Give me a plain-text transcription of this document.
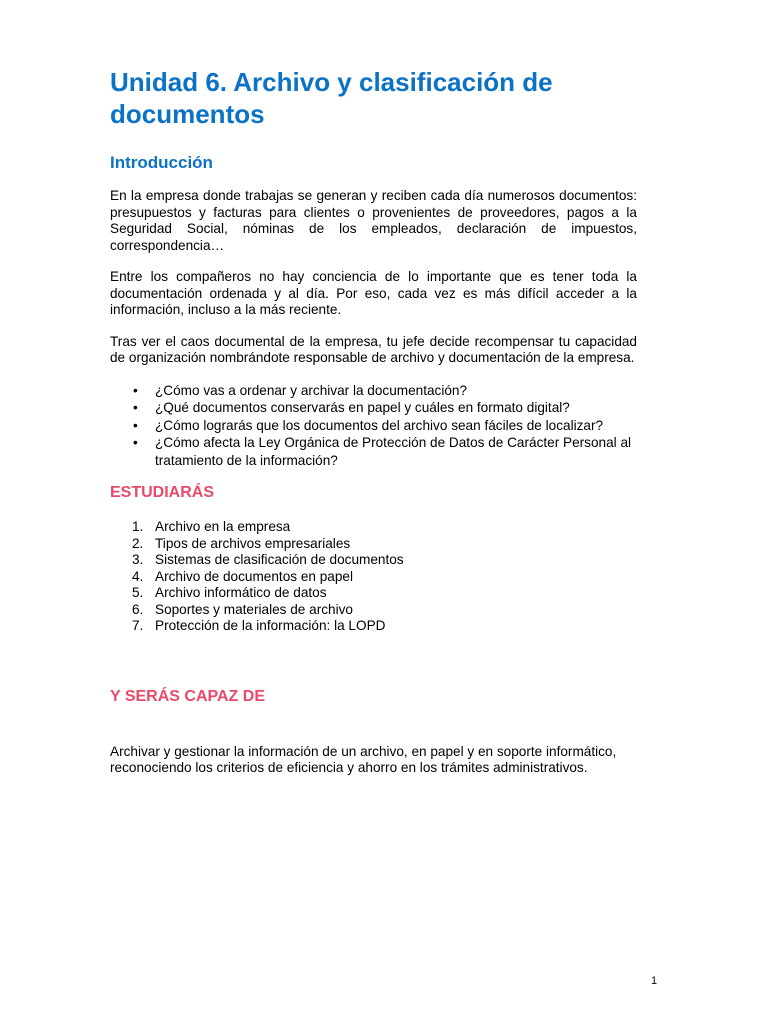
Unidad 6. Archivo y clasificación de documentos
Introducción

En la empresa donde trabajas se generan y reciben cada día numerosos documentos: presupuestos y facturas para clientes o provenientes de proveedores, pagos a la Seguridad Social, nóminas de los empleados, declaración de impuestos, correspondencia…

Entre los compañeros no hay conciencia de lo importante que es tener toda la documentación ordenada y al día. Por eso, cada vez es más difícil acceder a la información, incluso a la más reciente.

Tras ver el caos documental de la empresa, tu jefe decide recompensar tu capacidad de organización nombrándote responsable de archivo y documentación de la empresa.

• ¿Cómo vas a ordenar y archivar la documentación?
• ¿Qué documentos conservarás en papel y cuáles en formato digital?
• ¿Cómo lograrás que los documentos del archivo sean fáciles de localizar?
• ¿Cómo afecta la Ley Orgánica de Protección de Datos de Carácter Personal al tratamiento de la información?
ESTUDIARÁS
1. Archivo en la empresa
2. Tipos de archivos empresariales
3. Sistemas de clasificación de documentos
4. Archivo de documentos en papel
5. Archivo informático de datos
6. Soportes y materiales de archivo
7. Protección de la información: la LOPD
Y SERÁS CAPAZ DE

Archivar y gestionar la información de un archivo, en papel y en soporte informático, reconociendo los criterios de eficiencia y ahorro en los trámites administrativos.

1
